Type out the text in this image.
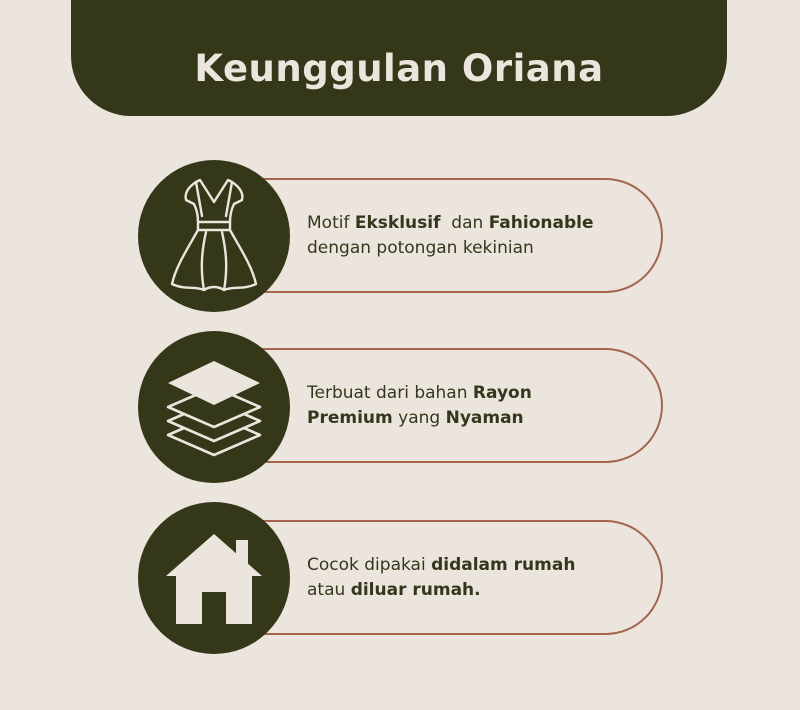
Keunggulan Oriana
Motif Eksklusif  dan Fahionable
dengan potongan kekinian
Terbuat dari bahan Rayon
Premium yang Nyaman
Cocok dipakai didalam rumah
atau diluar rumah.
